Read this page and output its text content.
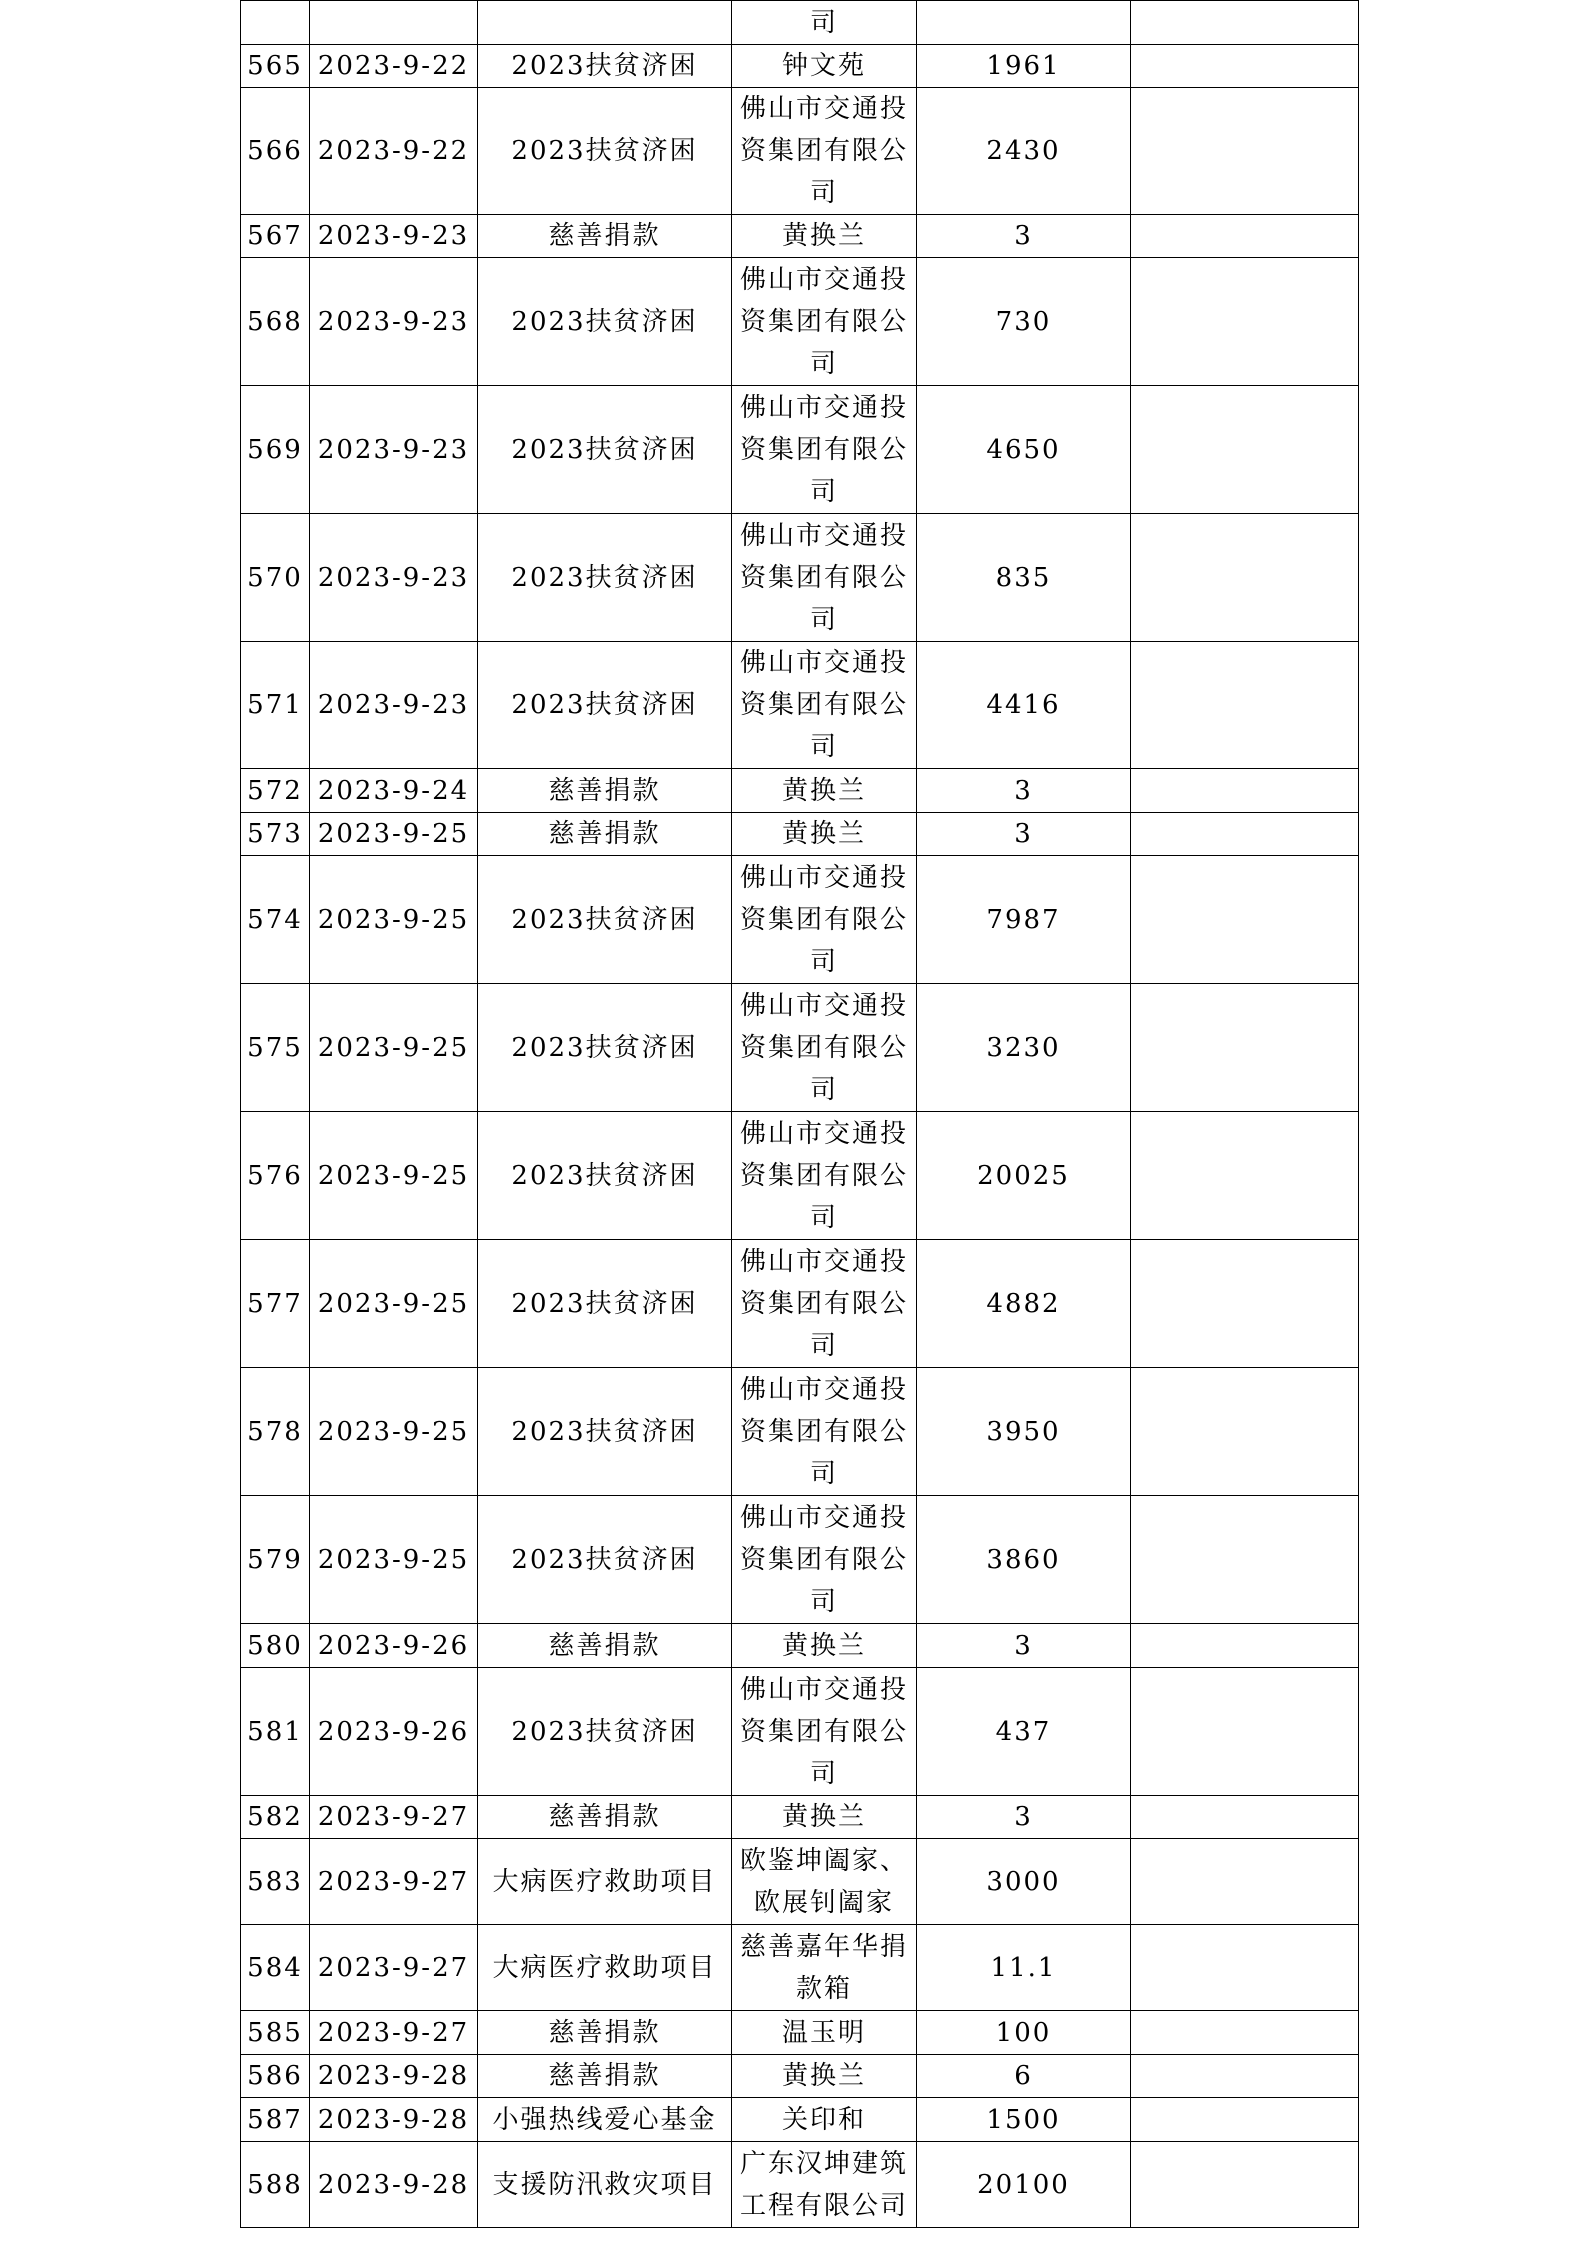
			司		
565	2023-9-22	2023扶贫济困	钟文苑	1961	
566	2023-9-22	2023扶贫济困	佛山市交通投资集团有限公司	2430	
567	2023-9-23	慈善捐款	黄换兰	3	
568	2023-9-23	2023扶贫济困	佛山市交通投资集团有限公司	730	
569	2023-9-23	2023扶贫济困	佛山市交通投资集团有限公司	4650	
570	2023-9-23	2023扶贫济困	佛山市交通投资集团有限公司	835	
571	2023-9-23	2023扶贫济困	佛山市交通投资集团有限公司	4416	
572	2023-9-24	慈善捐款	黄换兰	3	
573	2023-9-25	慈善捐款	黄换兰	3	
574	2023-9-25	2023扶贫济困	佛山市交通投资集团有限公司	7987	
575	2023-9-25	2023扶贫济困	佛山市交通投资集团有限公司	3230	
576	2023-9-25	2023扶贫济困	佛山市交通投资集团有限公司	20025	
577	2023-9-25	2023扶贫济困	佛山市交通投资集团有限公司	4882	
578	2023-9-25	2023扶贫济困	佛山市交通投资集团有限公司	3950	
579	2023-9-25	2023扶贫济困	佛山市交通投资集团有限公司	3860	
580	2023-9-26	慈善捐款	黄换兰	3	
581	2023-9-26	2023扶贫济困	佛山市交通投资集团有限公司	437	
582	2023-9-27	慈善捐款	黄换兰	3	
583	2023-9-27	大病医疗救助项目	欧鉴坤阖家、欧展钊阖家	3000	
584	2023-9-27	大病医疗救助项目	慈善嘉年华捐款箱	11.1	
585	2023-9-27	慈善捐款	温玉明	100	
586	2023-9-28	慈善捐款	黄换兰	6	
587	2023-9-28	小强热线爱心基金	关印和	1500	
588	2023-9-28	支援防汛救灾项目	广东汉坤建筑工程有限公司	20100	
